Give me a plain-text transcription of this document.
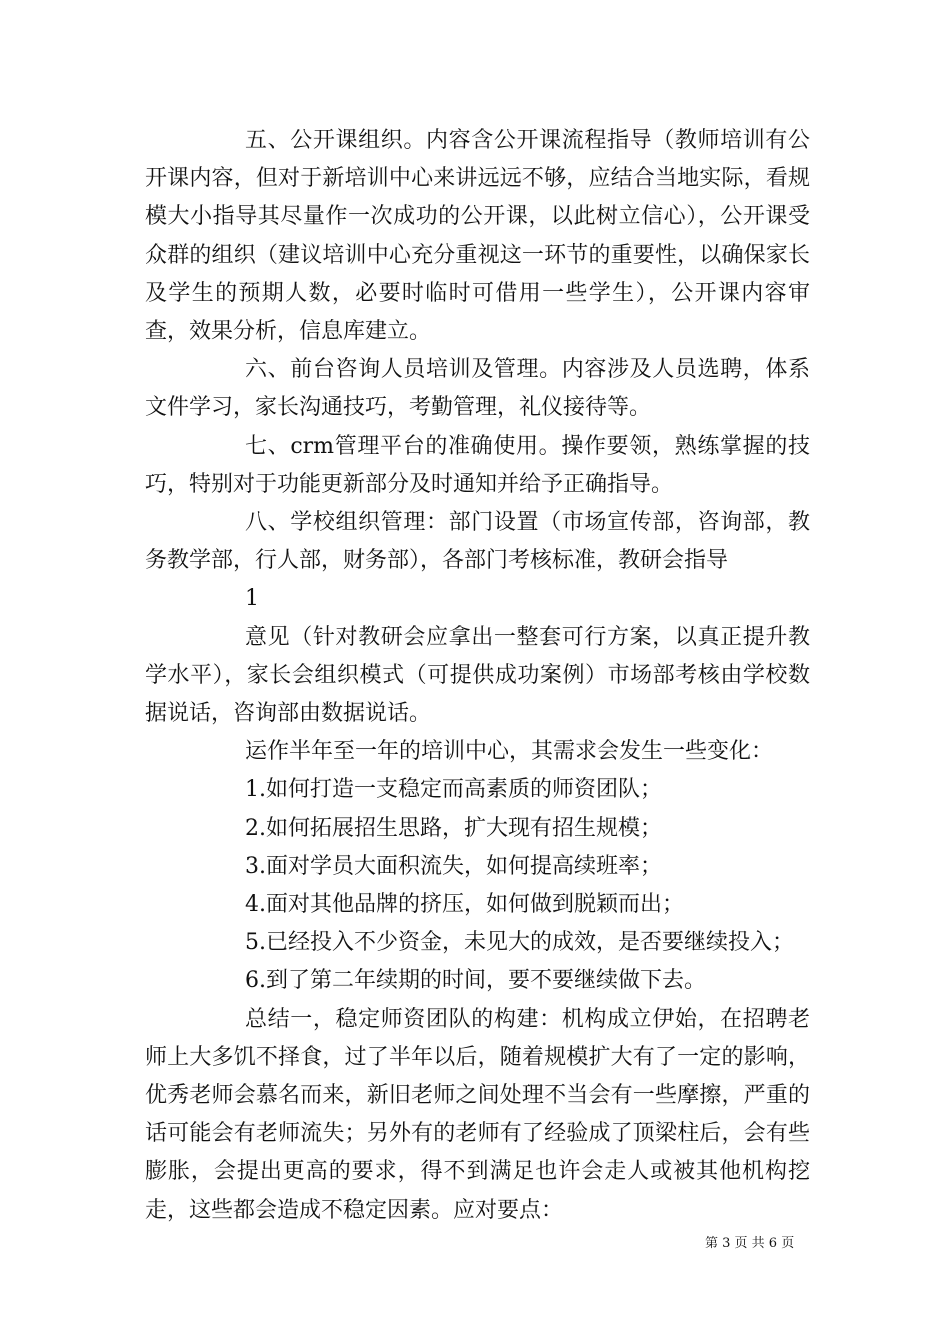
五、公开课组织。内容含公开课流程指导（教师培训有公开课内容，但对于新培训中心来讲远远不够，应结合当地实际，看规模大小指导其尽量作一次成功的公开课，以此树立信心），公开课受众群的组织（建议培训中心充分重视这一环节的重要性，以确保家长及学生的预期人数，必要时临时可借用一些学生），公开课内容审查，效果分析，信息库建立。

六、前台咨询人员培训及管理。内容涉及人员选聘，体系文件学习，家长沟通技巧，考勤管理，礼仪接待等。

七、crm管理平台的准确使用。操作要领，熟练掌握的技巧，特别对于功能更新部分及时通知并给予正确指导。

八、学校组织管理：部门设置（市场宣传部，咨询部，教务教学部，行人部，财务部），各部门考核标准，教研会指导

1

意见（针对教研会应拿出一整套可行方案，以真正提升教学水平），家长会组织模式（可提供成功案例）市场部考核由学校数据说话，咨询部由数据说话。

运作半年至一年的培训中心，其需求会发生一些变化：

1.如何打造一支稳定而高素质的师资团队；

2.如何拓展招生思路，扩大现有招生规模；

3.面对学员大面积流失，如何提高续班率；

4.面对其他品牌的挤压，如何做到脱颖而出；

5.已经投入不少资金，未见大的成效，是否要继续投入；

6.到了第二年续期的时间，要不要继续做下去。

总结一，稳定师资团队的构建：机构成立伊始，在招聘老师上大多饥不择食，过了半年以后，随着规模扩大有了一定的影响，优秀老师会慕名而来，新旧老师之间处理不当会有一些摩擦，严重的话可能会有老师流失；另外有的老师有了经验成了顶梁柱后，会有些膨胀，会提出更高的要求，得不到满足也许会走人或被其他机构挖走，这些都会造成不稳定因素。应对要点：

第 3 页 共 6 页
